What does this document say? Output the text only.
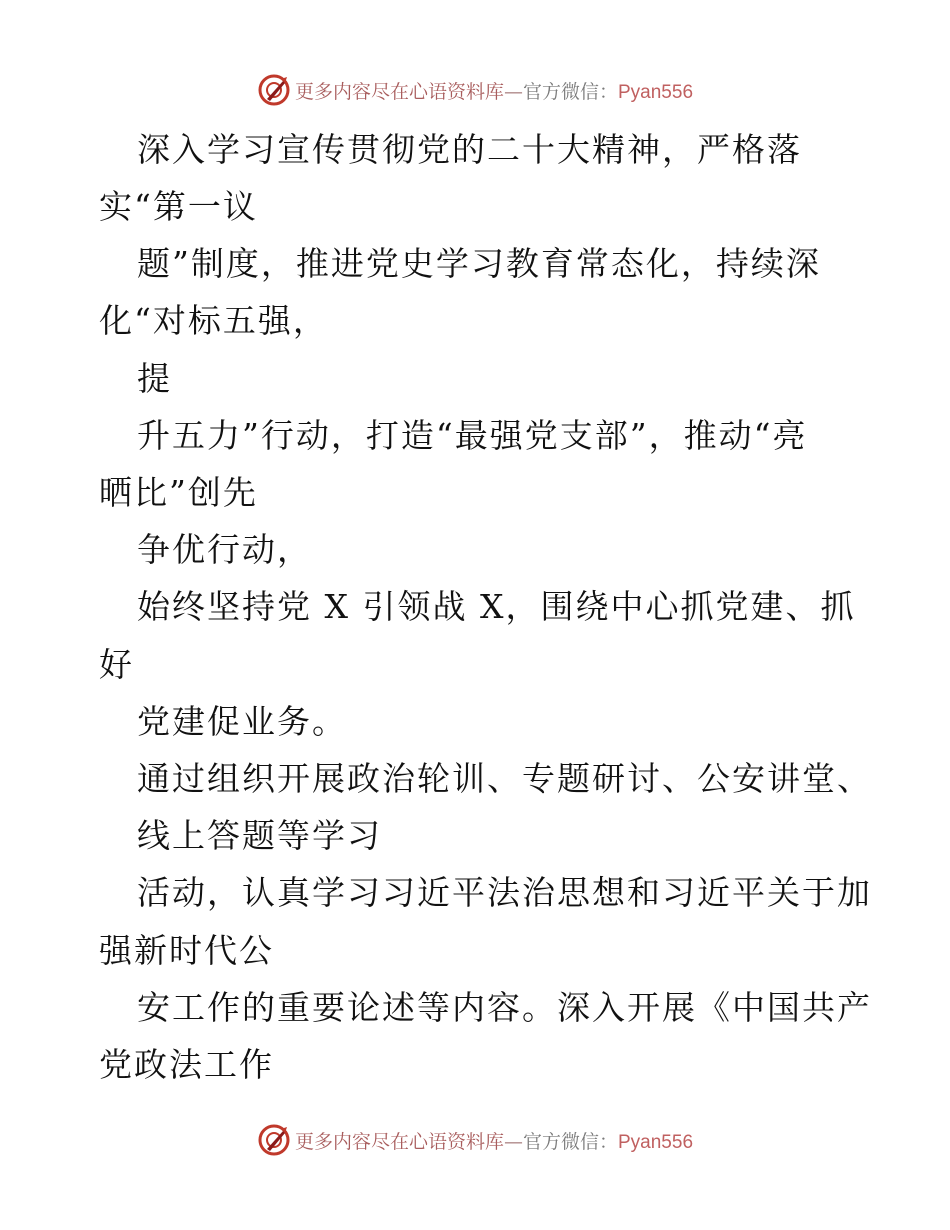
更多内容尽在心语资料库—官方微信：Pyan556
深入学习宣传贯彻党的二十大精神，严格落
实“第一议
题”制度，推进党史学习教育常态化，持续深
化“对标五强，
提
升五力”行动，打造“最强党支部”，推动“亮
晒比”创先
争优行动，
始终坚持党 X 引领战 X，围绕中心抓党建、抓
好
党建促业务。
通过组织开展政治轮训、专题研讨、公安讲堂、
线上答题等学习
活动，认真学习习近平法治思想和习近平关于加
强新时代公
安工作的重要论述等内容。深入开展《中国共产
党政法工作
更多内容尽在心语资料库—官方微信：Pyan556
